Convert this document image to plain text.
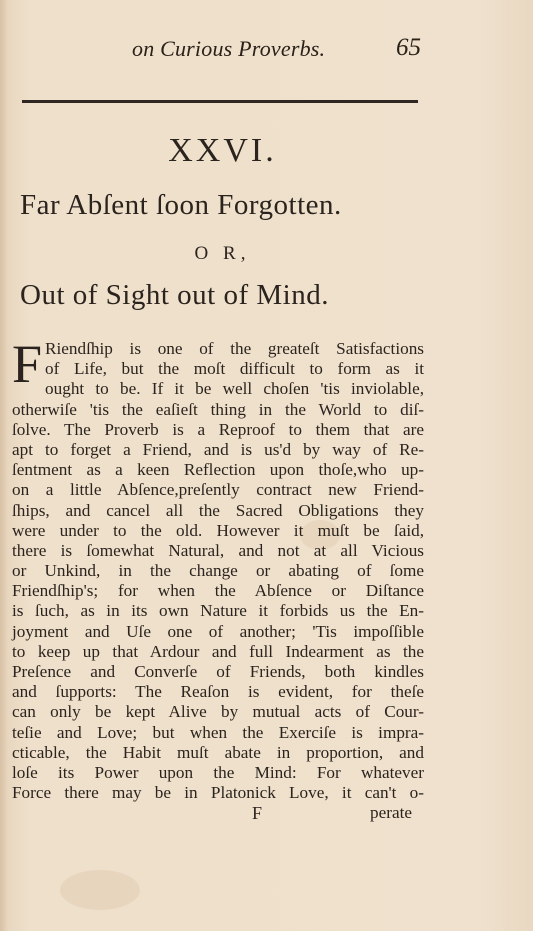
on Curious Proverbs.	65
XXVI.
Far Abſent ſoon Forgotten.
O R,
Out of Sight out of Mind.
F Riendſhip is one of the greateſt Satisfactions
of Life, but the moſt difficult to form as it
ought to be. If it be well choſen 'tis inviolable,
otherwiſe 'tis the eaſieſt thing in the World to diſ-
ſolve. The Proverb is a Reproof to them that are
apt to forget a Friend, and is us'd by way of Re-
ſentment as a keen Reflection upon thoſe,who up-
on a little Abſence,preſently contract new Friend-
ſhips, and cancel all the Sacred Obligations they
were under to the old. However it muſt be ſaid,
there is ſomewhat Natural, and not at all Vicious
or Unkind, in the change or abating of ſome
Friendſhip's; for when the Abſence or Diſtance
is ſuch, as in its own Nature it forbids us the En-
joyment and Uſe one of another; 'Tis impoſſible
to keep up that Ardour and full Indearment as the
Preſence and Converſe of Friends, both kindles
and ſupports: The Reaſon is evident, for theſe
can only be kept Alive by mutual acts of Cour-
teſie and Love; but when the Exerciſe is impra-
cticable, the Habit muſt abate in proportion, and
loſe its Power upon the Mind: For whatever
Force there may be in Platonick Love, it can't o-
F	perate
